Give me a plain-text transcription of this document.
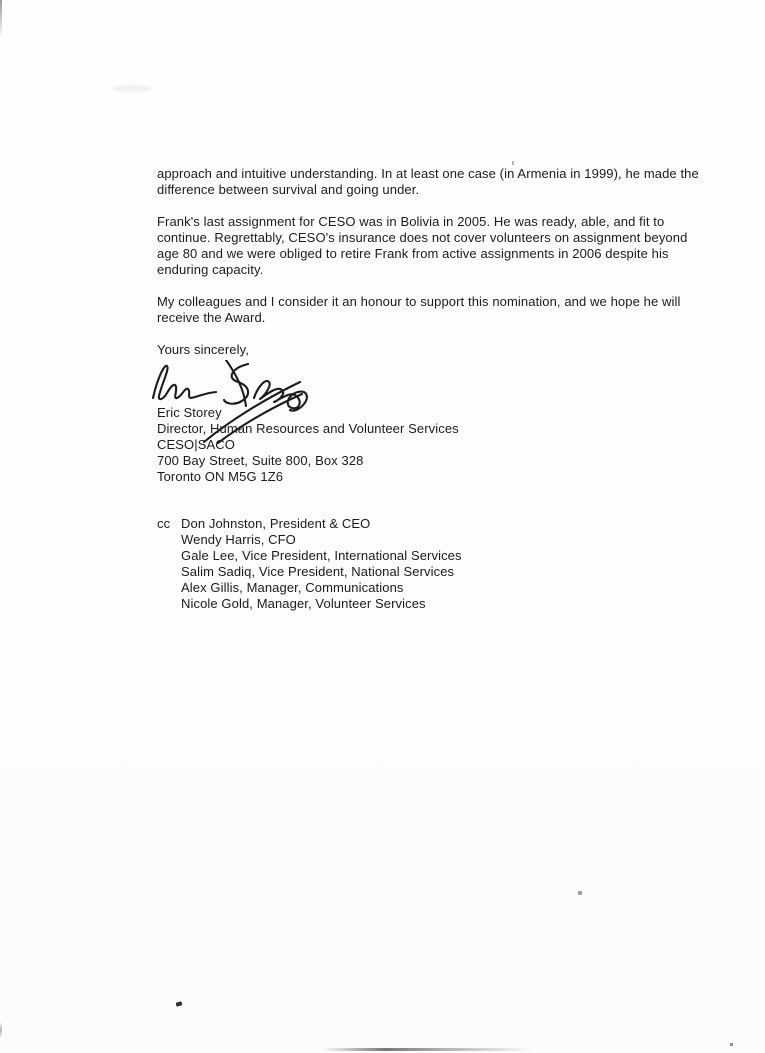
approach and intuitive understanding. In at least one case (in Armenia in 1999), he made the difference between survival and going under.

Frank's last assignment for CESO was in Bolivia in 2005. He was ready, able, and fit to continue. Regrettably, CESO's insurance does not cover volunteers on assignment beyond age 80 and we were obliged to retire Frank from active assignments in 2006 despite his enduring capacity.

My colleagues and I consider it an honour to support this nomination, and we hope he will receive the Award.

Yours sincerely,

Eric Storey
Director, Human Resources and Volunteer Services
CESO|SACO
700 Bay Street, Suite 800, Box 328
Toronto ON M5G 1Z6
cc Don Johnston, President & CEO
Wendy Harris, CFO
Gale Lee, Vice President, International Services
Salim Sadiq, Vice President, National Services
Alex Gillis, Manager, Communications
Nicole Gold, Manager, Volunteer Services
